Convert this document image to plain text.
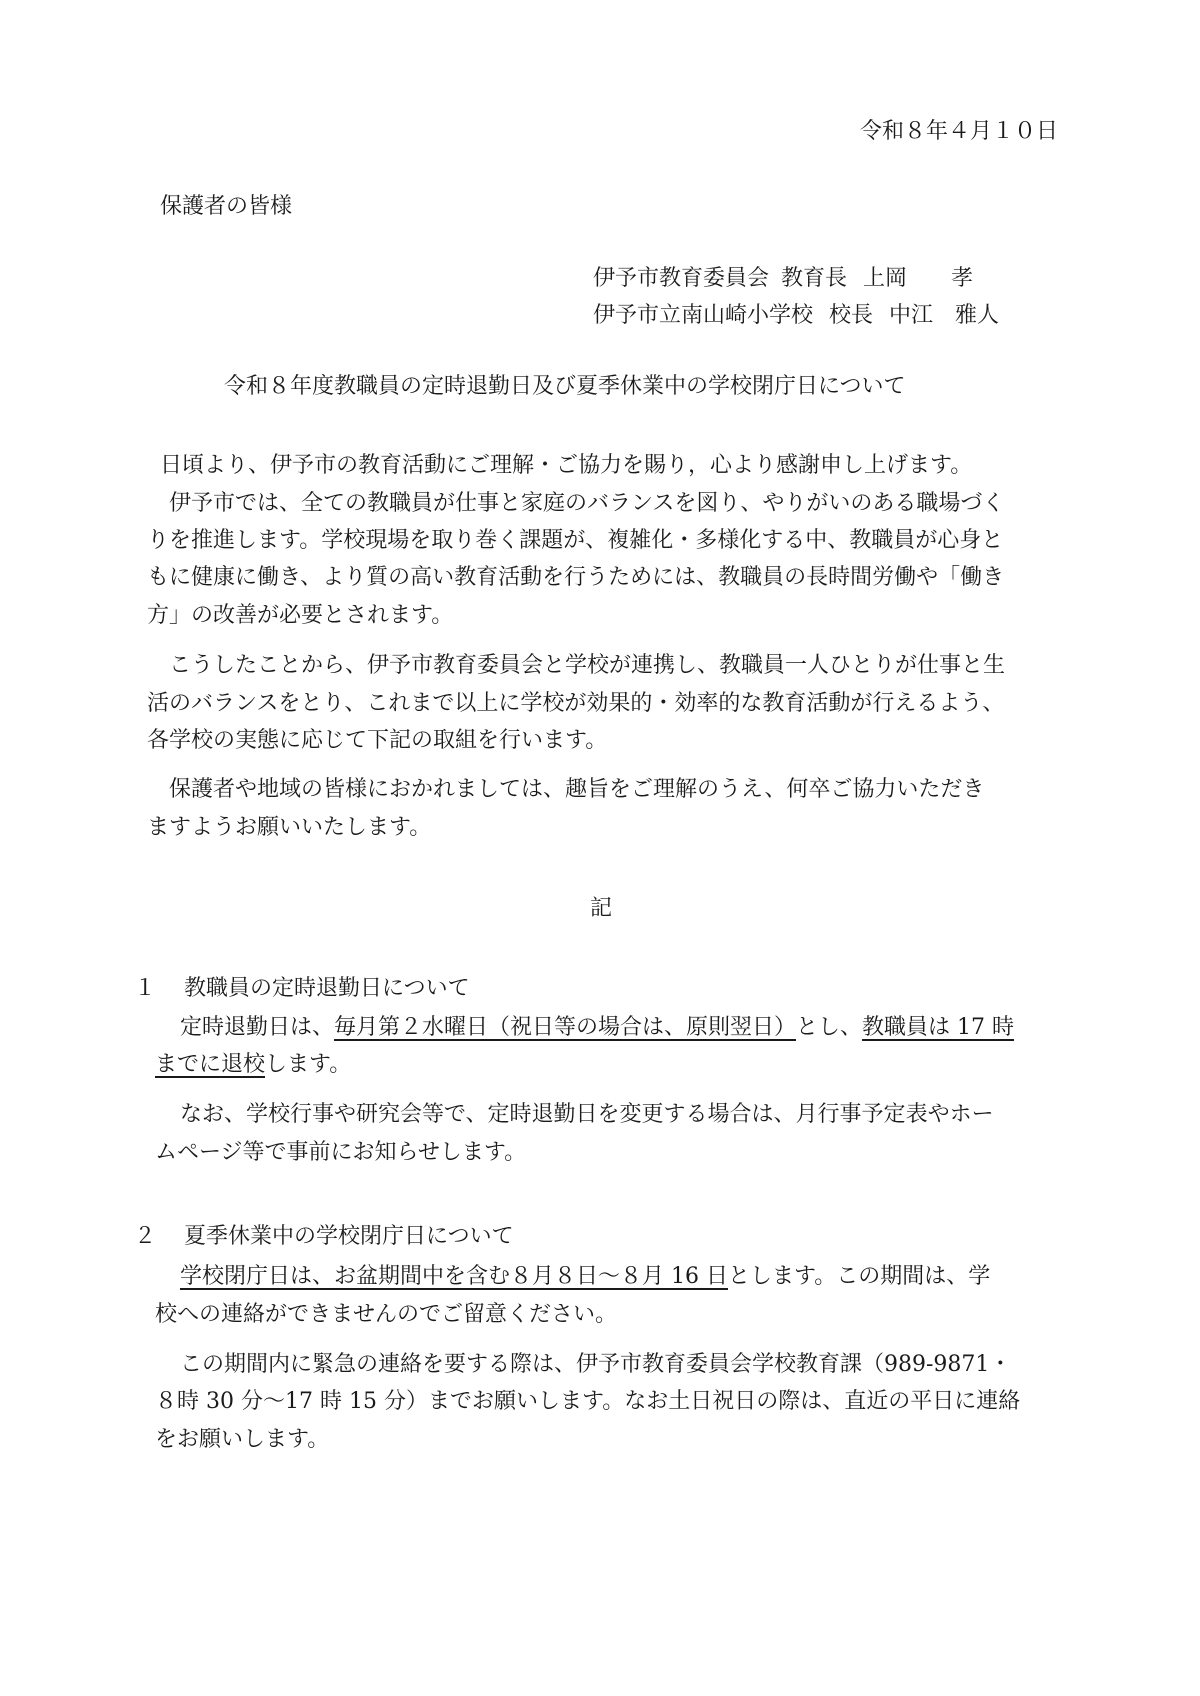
令和８年４月１０日
保護者の皆様
伊予市教育委員会 教育長 上岡　　孝
伊予市立南山崎小学校 校長 中江　雅人
令和８年度教職員の定時退勤日及び夏季休業中の学校閉庁日について
日頃より、伊予市の教育活動にご理解・ご協力を賜り，心より感謝申し上げます。
　伊予市では、全ての教職員が仕事と家庭のバランスを図り、やりがいのある職場づく
りを推進します。学校現場を取り巻く課題が、複雑化・多様化する中、教職員が心身と
もに健康に働き、より質の高い教育活動を行うためには、教職員の長時間労働や「働き
方」の改善が必要とされます。
　こうしたことから、伊予市教育委員会と学校が連携し、教職員一人ひとりが仕事と生
活のバランスをとり、これまで以上に学校が効果的・効率的な教育活動が行えるよう、
各学校の実態に応じて下記の取組を行います。
　保護者や地域の皆様におかれましては、趣旨をご理解のうえ、何卒ご協力いただき
ますようお願いいたします。
記
１ 教職員の定時退勤日について
定時退勤日は、毎月第２水曜日（祝日等の場合は、原則翌日）とし、教職員は 17 時
までに退校します。
なお、学校行事や研究会等で、定時退勤日を変更する場合は、月行事予定表やホー
ムページ等で事前にお知らせします。
２ 夏季休業中の学校閉庁日について
学校閉庁日は、お盆期間中を含む８月８日～８月 16 日とします。この期間は、学
校への連絡ができませんのでご留意ください。
この期間内に緊急の連絡を要する際は、伊予市教育委員会学校教育課（989-9871・
８時 30 分～17 時 15 分）までお願いします。なお土日祝日の際は、直近の平日に連絡
をお願いします。
